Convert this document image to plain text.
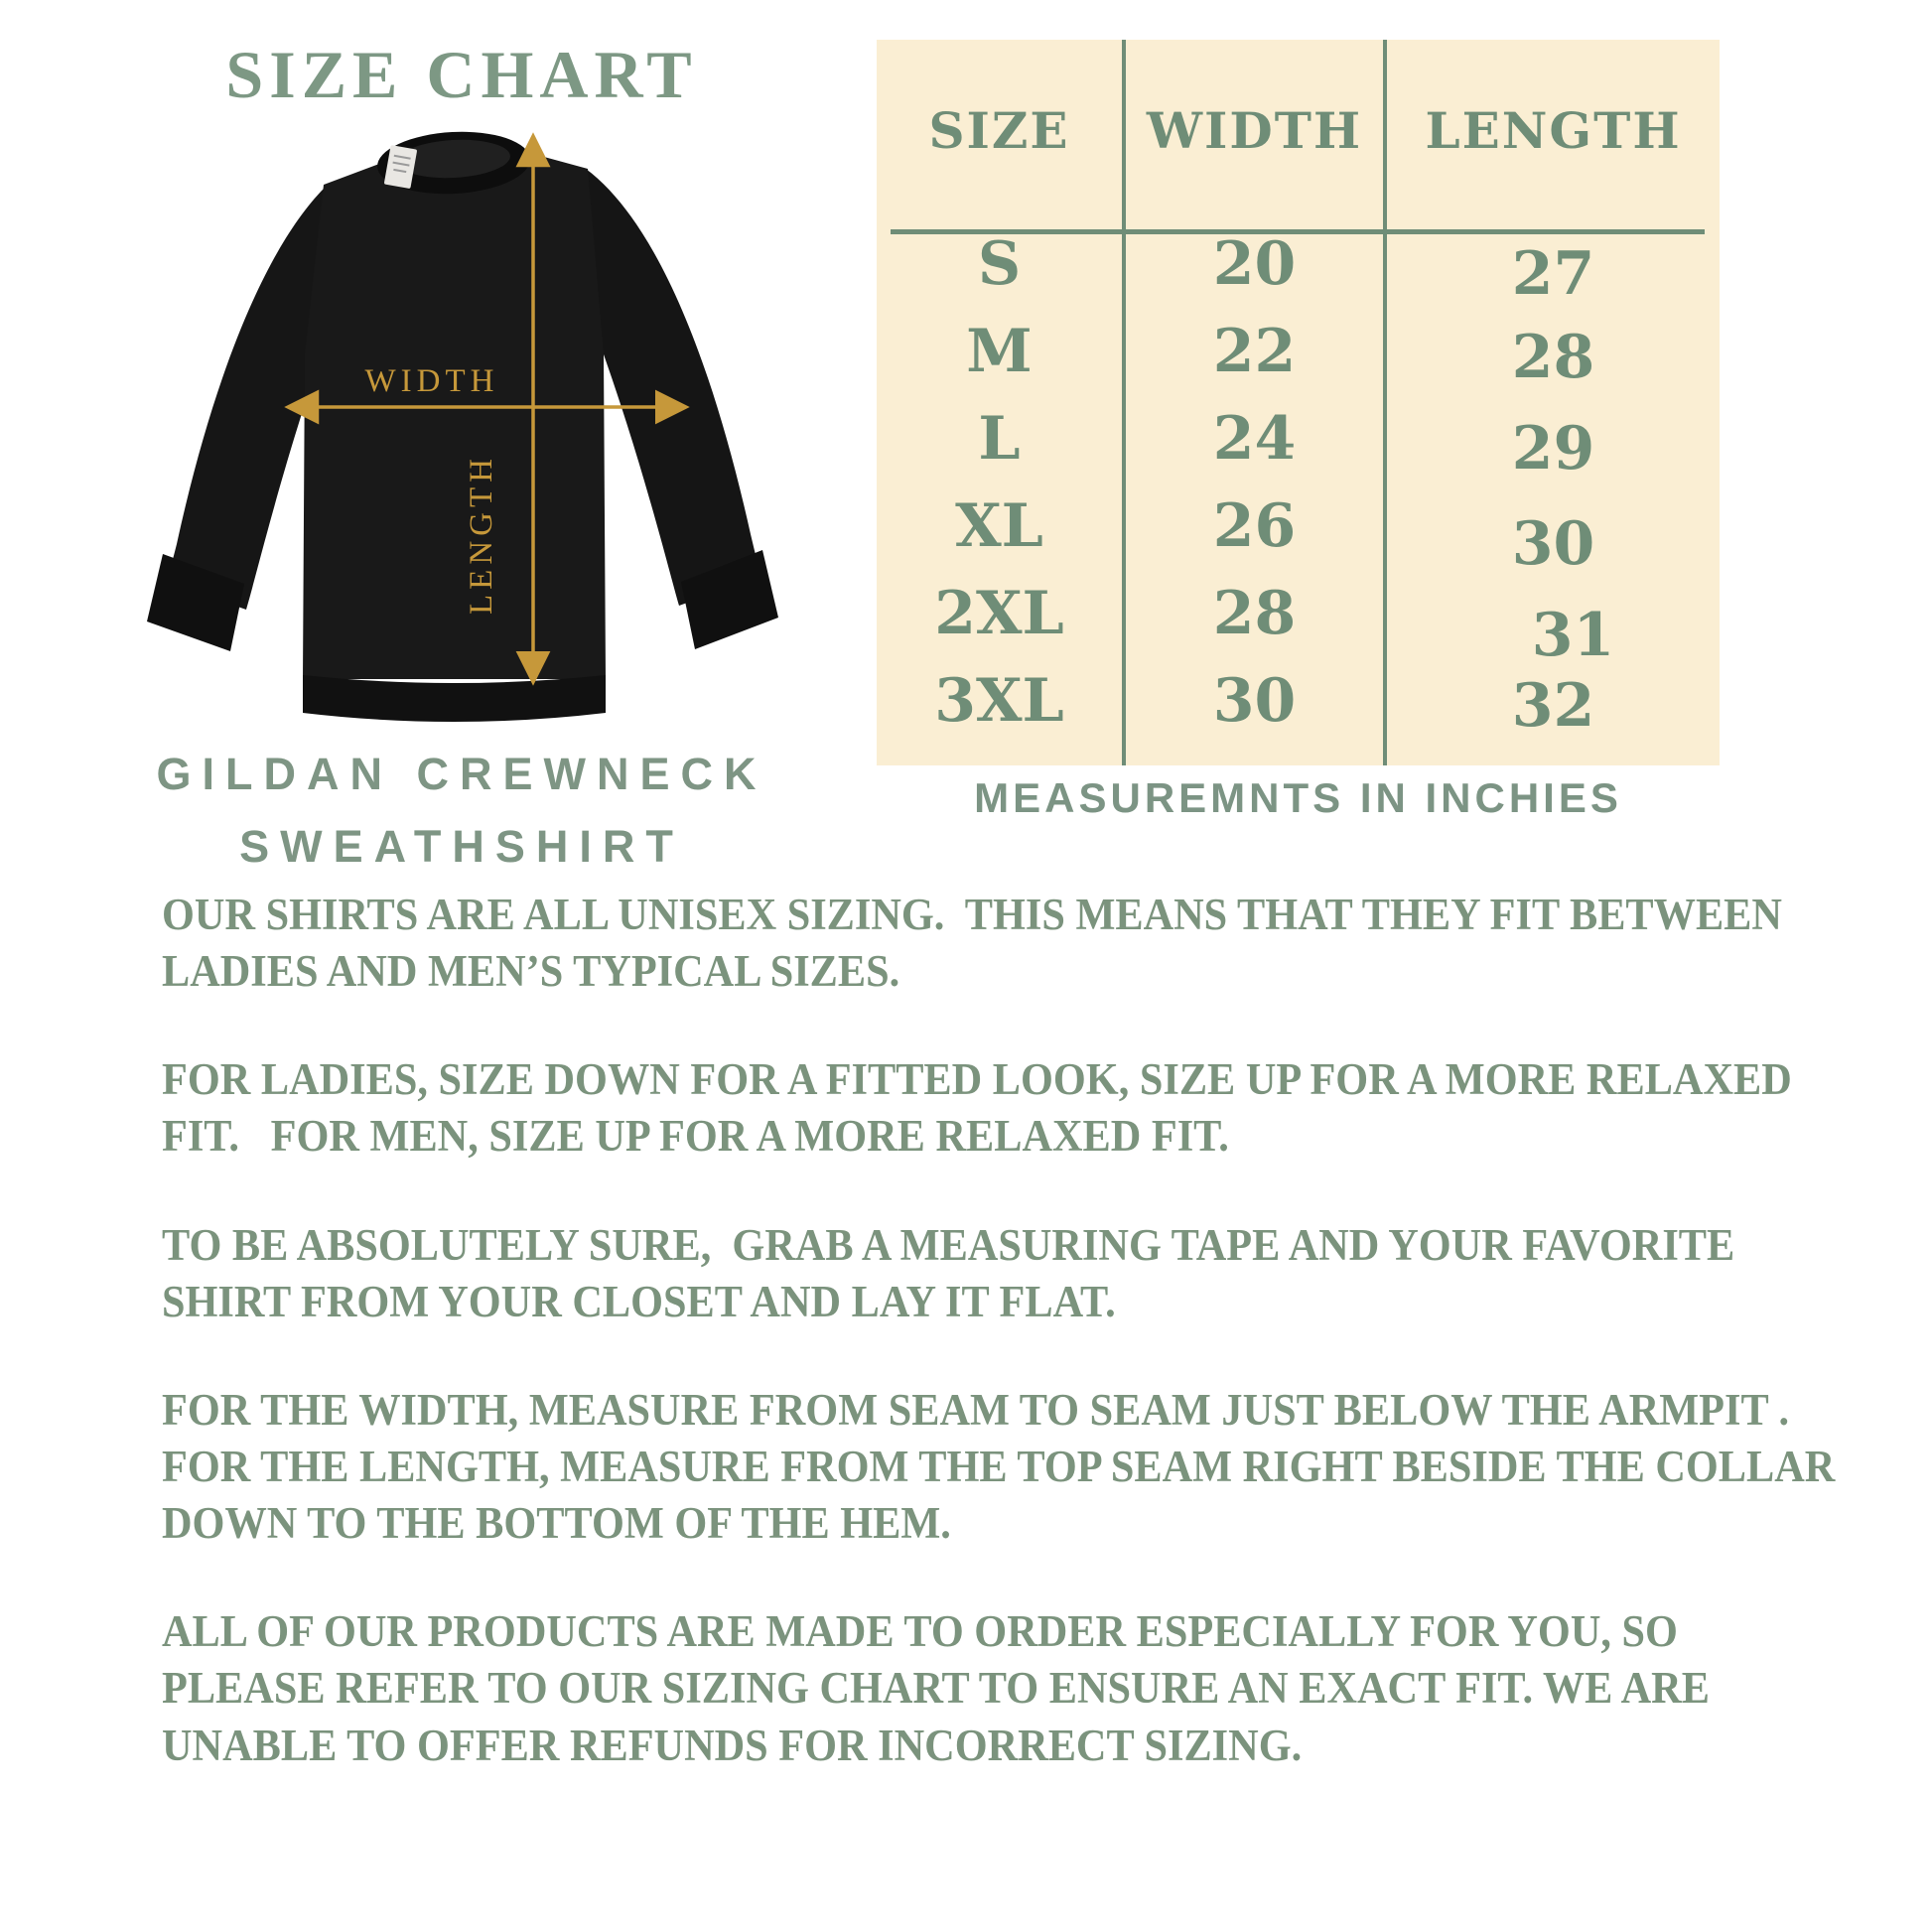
SIZE CHART
WIDTH
LENGTH
GILDAN CREWNECK
SWEATHSHIRT
SIZE	WIDTH	LENGTH
S	20	27
M	22	28
L	24	29
XL	26	30
2XL	28	31
3XL	30	32
MEASUREMNTS IN INCHIES

OUR SHIRTS ARE ALL UNISEX SIZING.  THIS MEANS THAT THEY FIT BETWEEN LADIES AND MEN’S TYPICAL SIZES.

FOR LADIES, SIZE DOWN FOR A FITTED LOOK, SIZE UP FOR A MORE RELAXED FIT.   FOR MEN, SIZE UP FOR A MORE RELAXED FIT.

TO BE ABSOLUTELY SURE,  GRAB A MEASURING TAPE AND YOUR FAVORITE SHIRT FROM YOUR CLOSET AND LAY IT FLAT.

FOR THE WIDTH, MEASURE FROM SEAM TO SEAM JUST BELOW THE ARMPIT . FOR THE LENGTH, MEASURE FROM THE TOP SEAM RIGHT BESIDE THE COLLAR DOWN TO THE BOTTOM OF THE HEM.

ALL OF OUR PRODUCTS ARE MADE TO ORDER ESPECIALLY FOR YOU, SO PLEASE REFER TO OUR SIZING CHART TO ENSURE AN EXACT FIT. WE ARE UNABLE TO OFFER REFUNDS FOR INCORRECT SIZING.
